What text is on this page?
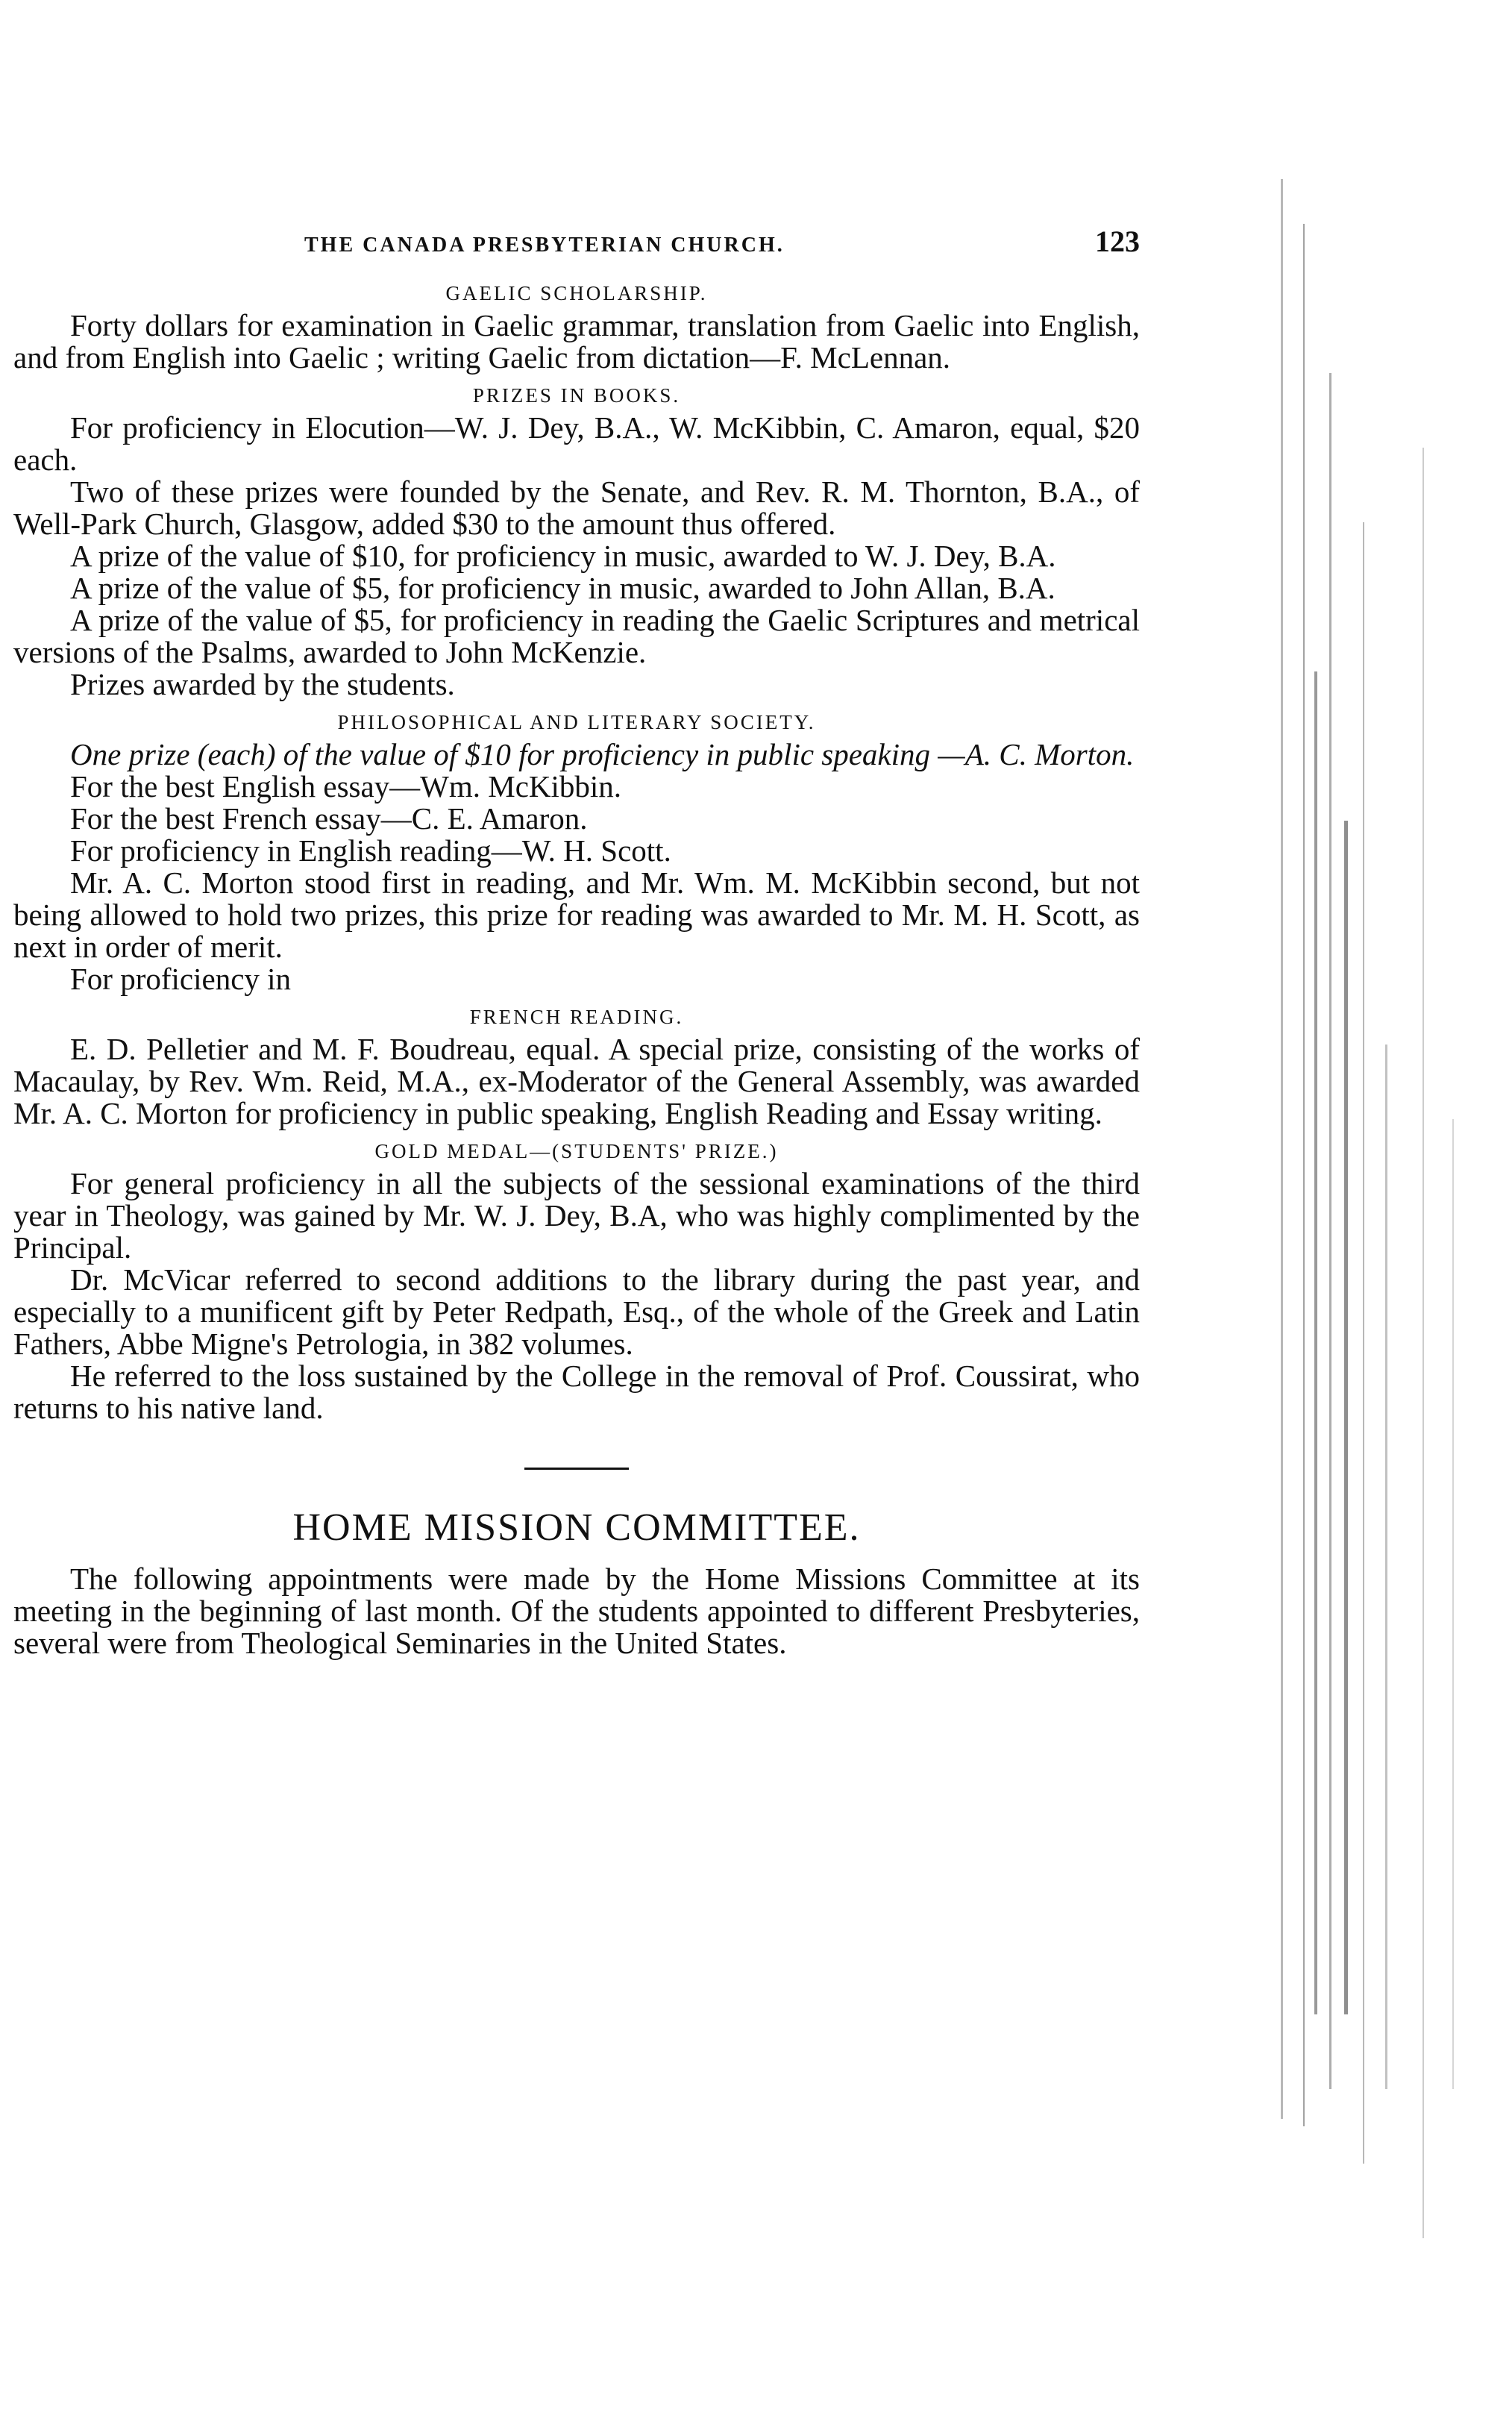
THE CANADA PRESBYTERIAN CHURCH.	123
GAELIC SCHOLARSHIP.

Forty dollars for examination in Gaelic grammar, translation from Gaelic into English, and from English into Gaelic ; writing Gaelic from dictation—F. McLennan.

PRIZES IN BOOKS.

For proficiency in Elocution—W. J. Dey, B.A., W. McKibbin, C. Amaron, equal, $20 each.

Two of these prizes were founded by the Senate, and Rev. R. M. Thornton, B.A., of Well-Park Church, Glasgow, added $30 to the amount thus offered.

A prize of the value of $10, for proficiency in music, awarded to W. J. Dey, B.A.

A prize of the value of $5, for proficiency in music, awarded to John Allan, B.A.

A prize of the value of $5, for proficiency in reading the Gaelic Scriptures and metrical versions of the Psalms, awarded to John McKenzie.

Prizes awarded by the students.

PHILOSOPHICAL AND LITERARY SOCIETY.

One prize (each) of the value of $10 for proficiency in public speaking —A. C. Morton.

For the best English essay—Wm. McKibbin.

For the best French essay—C. E. Amaron.

For proficiency in English reading—W. H. Scott.

Mr. A. C. Morton stood first in reading, and Mr. Wm. M. McKibbin second, but not being allowed to hold two prizes, this prize for reading was awarded to Mr. M. H. Scott, as next in order of merit.

For proficiency in

FRENCH READING.

E. D. Pelletier and M. F. Boudreau, equal. A special prize, consisting of the works of Macaulay, by Rev. Wm. Reid, M.A., ex-Moderator of the General Assembly, was awarded Mr. A. C. Morton for proficiency in public speaking, English Reading and Essay writing.

GOLD MEDAL—(STUDENTS' PRIZE.)

For general proficiency in all the subjects of the sessional examinations of the third year in Theology, was gained by Mr. W. J. Dey, B.A, who was highly complimented by the Principal.

Dr. McVicar referred to second additions to the library during the past year, and especially to a munificent gift by Peter Redpath, Esq., of the whole of the Greek and Latin Fathers, Abbe Migne's Petrologia, in 382 volumes.

He referred to the loss sustained by the College in the removal of Prof. Coussirat, who returns to his native land.

HOME MISSION COMMITTEE.

The following appointments were made by the Home Missions Committee at its meeting in the beginning of last month. Of the students appointed to different Presbyteries, several were from Theological Seminaries in the United States.
